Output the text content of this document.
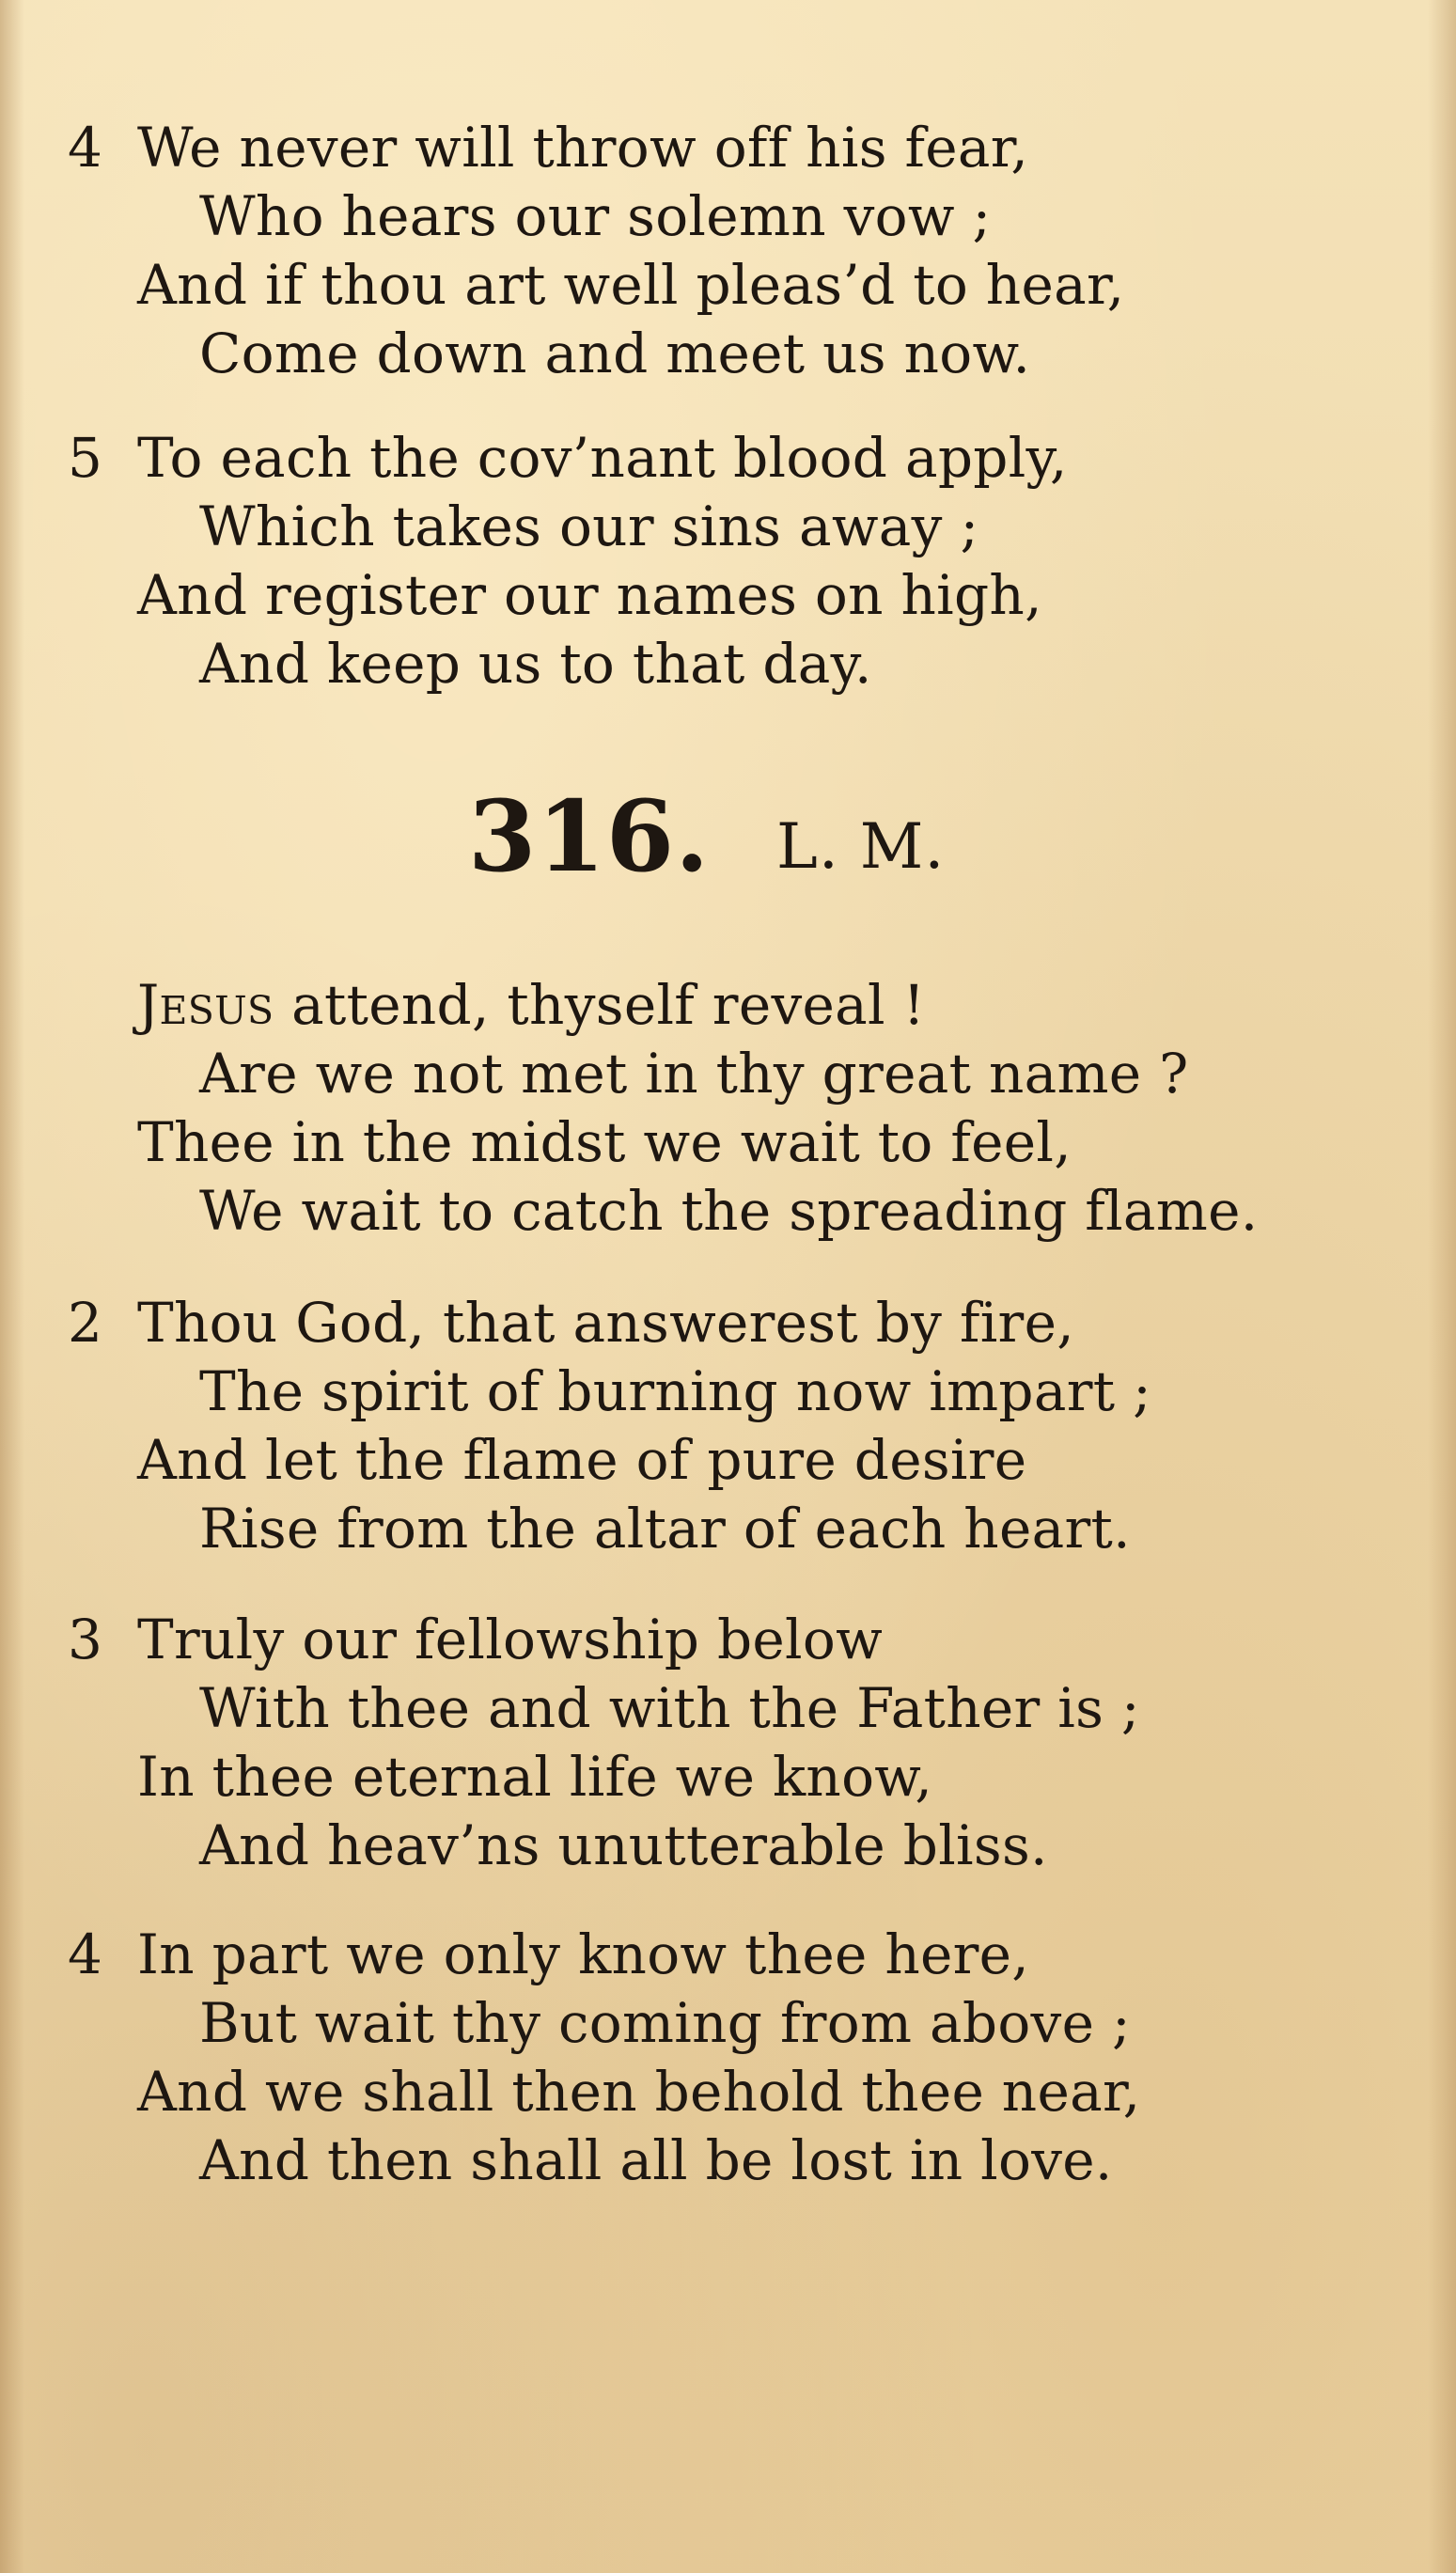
4 We never will throw off his fear,
Who hears our solemn vow ;
And if thou art well pleas’d to hear,
Come down and meet us now.
5 To each the cov’nant blood apply,
Which takes our sins away ;
And register our names on high,
And keep us to that day.
316. L. M.
Jesus attend, thyself reveal !
Are we not met in thy great name ?
Thee in the midst we wait to feel,
We wait to catch the spreading flame.
2 Thou God, that answerest by fire,
The spirit of burning now impart ;
And let the flame of pure desire
Rise from the altar of each heart.
3 Truly our fellowship below
With thee and with the Father is ;
In thee eternal life we know,
And heav’ns unutterable bliss.
4 In part we only know thee here,
But wait thy coming from above ;
And we shall then behold thee near,
And then shall all be lost in love.
